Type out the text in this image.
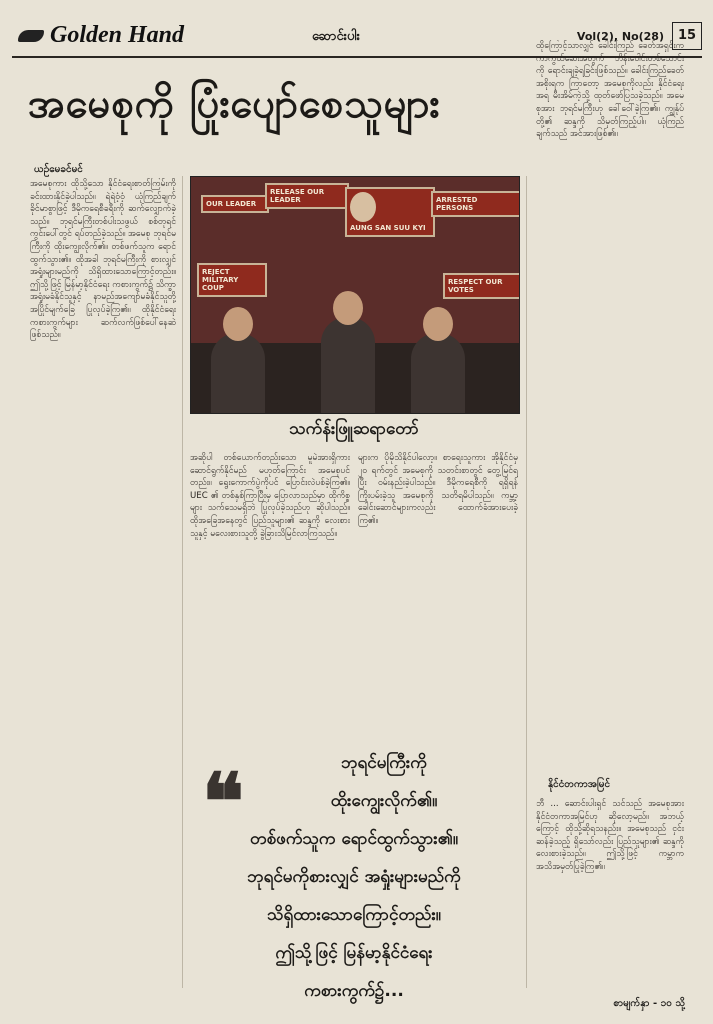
Golden Hand	ဆောင်းပါး	Vol(2), No(28)	15
အမေစုကို ပြုံးပျော်စေသူများ
ယဉ်မေခင်မင်

အမေစုကား ထိုသို့သော နိုင်ငံရေးစာတ်ကြမ်းကို ခင်းထားနိုင်ခဲ့ပါသည်။ ရဲရဲဝံ့ဝံ့ ယုံကြည်ချက်ခိုင်မာစွာဖြင့် ဒီမိုကရေစီခရီးကို ဆက်လျှောက်ခဲ့သည်။ ဘုရင်မကြီးတစ်ပါးသဖွယ် စစ်တုရင်ကွင်းပေါ်တွင် ရပ်တည်ခဲ့သည်။ အမေစု ဘုရင်မကြီးကို ထိုးကျွေးလိုက်၏။ တစ်ဖက်သူက ရောင်ထွက်သွား၏။ ထိုအခါ ဘုရင်မကြီးကို စားလျှင် အရှုံးများမည်ကို သိရှိထားသောကြောင့်တည်း။ ဤသို့ဖြင့် မြန်မာ့နိုင်ငံရေး ကစားကွက်၌ သိက္ခာအရှုံးမခံနိုင်သူနှင့် နာမည်အကျော်မခံနိုင်သူတို့ အပြိုင်မျက်ခြေ ပြုလုပ်ခဲ့ကြ၏။ ထိုနိုင်ငံရေးကစားကွက်များ ဆက်လက်ဖြစ်ပေါ်နေဆဲဖြစ်သည်။

ထိုကြောင့်သာလျှင် ခေါင်းကြည် ခေတ်အရှင်းက ကာကွယ်ဆေးအတွက် ဘိန်းပေါင်းတစ်သောင်းကို ရောင်းချခဲ့ရခြင်းဖြစ်သည်။ ခေါင်းကြည်ခေတ်အစိုးရက ကြာတော့ အမေစုကိုလည်း နိုင်ငံရေးအရ မီးအိမ်ကဲ့သို့ ထုတ်ဖော်ပြသခဲ့သည်။ အမေစုအား ဘုရင်မကြီးဟု ခေါ်ဝေါ်ခဲ့ကြ၏။ ကျွန်ုပ်တို့၏ ဆန္ဒကို သိမှတ်ကြည့်ပါ။ ယုံကြည်ချက်သည် အင်အားဖြစ်၏။

အဆိုပါ တစ်ယောက်တည်းသော မူမဲအားရှိကား ဆောင်ရွက်နိုင်မည် မဟုတ်ကြောင်း အမေစုပင် တည်း။ ရွေးကောက်ပွဲကိုပင် ပြောင်းလဲပစ်ခဲ့ကြ၏။ UEC ၏ တစ်နှစ်ကြာပြီးမှ ပြောလာသည်မှာ ထိုကိစ္စများ သက်သေမရှိဘဲ ပြုလုပ်ခဲ့သည်ဟု ဆိုပါသည်။ ထိုအခြေအနေတွင် ပြည်သူများ၏ ဆန္ဒကို လေးစားသူနှင့် မလေးစားသူတို့ ခွဲခြားသိမြင်လာကြသည်။

များက ပိုမိုသိနိုင်ပါလော့။ စာရေးသူကား အိုနိုင်ငံမှ ၂၀ ရက်တွင် အမေစုကို သတင်းစာတွင် တွေ့မြင်ရပြီး ဝမ်းနည်းခဲ့ပါသည်။ ဒီမိုကရေစီကို ရရှိရန် ကြိုးပမ်းခဲ့သူ အမေစုကို သတိရမိပါသည်။ ကမ္ဘာ့ ခေါင်းဆောင်များကလည်း ထောက်ခံအားပေးခဲ့ကြ၏။

ဘီ ... ဆောင်းပါးရှင် သင်သည် အမေစုအား နိုင်ငံတကာအမြင်ဟု ဆိုလော့မည်။ အဘယ့်ကြောင့် ထိုသို့ဆိုရသနည်း။ အမေစုသည် ငှင်းဆန်ခဲ့သည့် ရှိသော်လည်း ပြည်သူများ၏ ဆန္ဒကို လေးစားခဲ့သည်။ ဤသို့ဖြင့် ကမ္ဘာက အသိအမှတ်ပြုခဲ့ကြ၏။

OUR LEADER
RELEASE OUR LEADER
AUNG SAN SUU KYI
ARRESTED PERSONS
REJECT MILITARY COUP
RESPECT OUR VOTES
သက်န်းဖြူဆရာတော်
❝	ဘုရင်မကြီးကို
ထိုးကျွေးလိုက်၏။
တစ်ဖက်သူက ရောင်ထွက်သွား၏။
ဘုရင်မကိုစားလျှင် အရှုံးများမည်ကို
သိရှိထားသောကြောင့်တည်း။
ဤသို့ဖြင့် မြန်မာ့နိုင်ငံရေး
ကစားကွက်၌...
နိုင်ငံတကာအမြင်
စာမျက်နှာ - ၁၀ သို့
